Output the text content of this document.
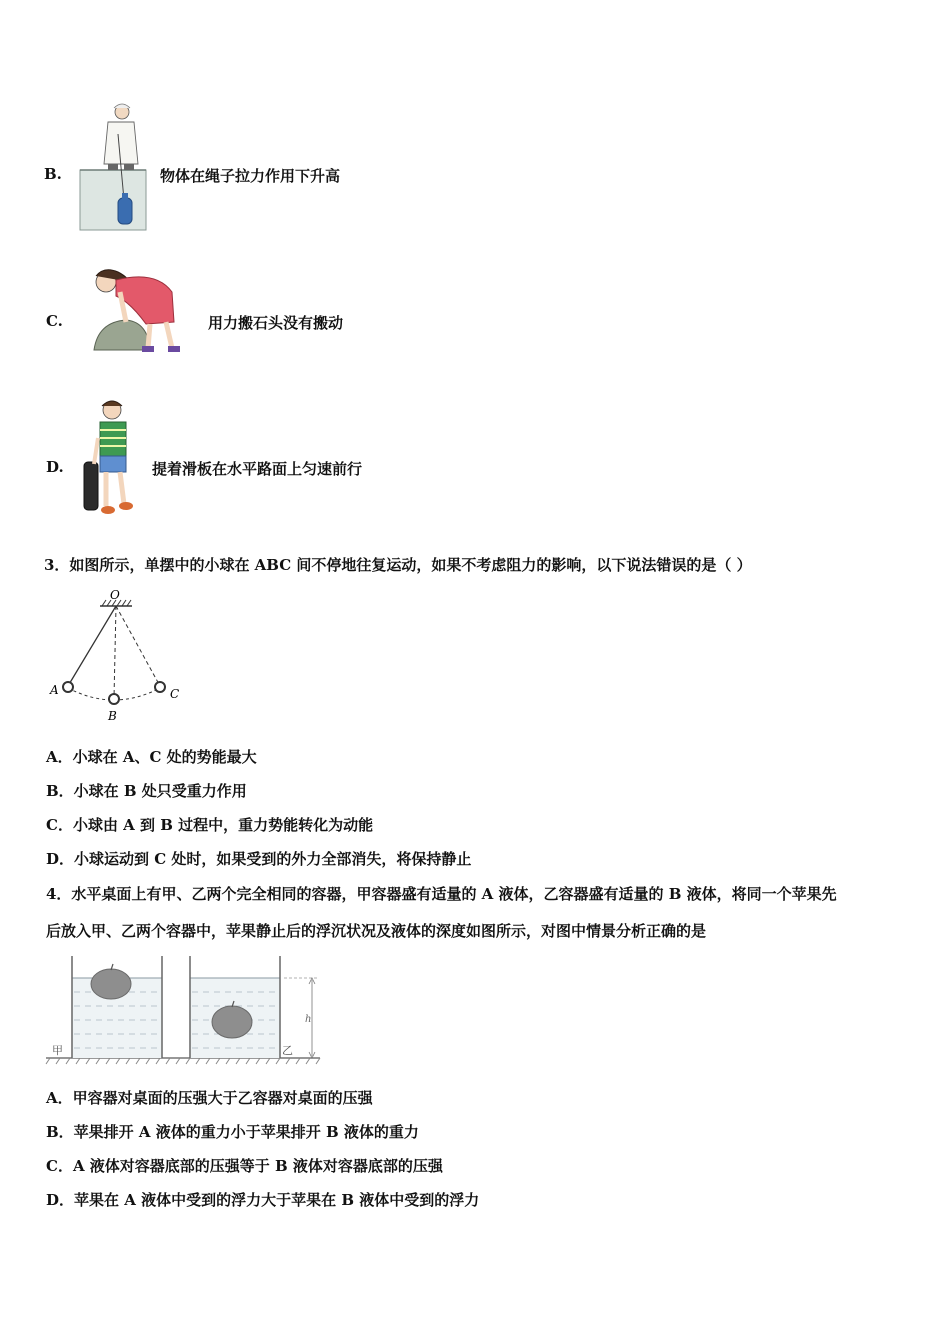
B.	物体在绳子拉力作用下升高
C.	用力搬石头没有搬动
D.	提着滑板在水平路面上匀速前行
3．如图所示，单摆中的小球在 ABC 间不停地往复运动，如果不考虑阻力的影响，以下说法错误的是（ ）
O
A
B
C
A．小球在 A、C 处的势能最大
B．小球在 B 处只受重力作用
C．小球由 A 到 B 过程中，重力势能转化为动能
D．小球运动到 C 处时，如果受到的外力全部消失，将保持静止
4．水平桌面上有甲、乙两个完全相同的容器，甲容器盛有适量的 A 液体，乙容器盛有适量的 B 液体，将同一个苹果先
后放入甲、乙两个容器中，苹果静止后的浮沉状况及液体的深度如图所示，对图中情景分析正确的是
甲	乙
h
A．甲容器对桌面的压强大于乙容器对桌面的压强
B．苹果排开 A 液体的重力小于苹果排开 B 液体的重力
C．A 液体对容器底部的压强等于 B 液体对容器底部的压强
D．苹果在 A 液体中受到的浮力大于苹果在 B 液体中受到的浮力
